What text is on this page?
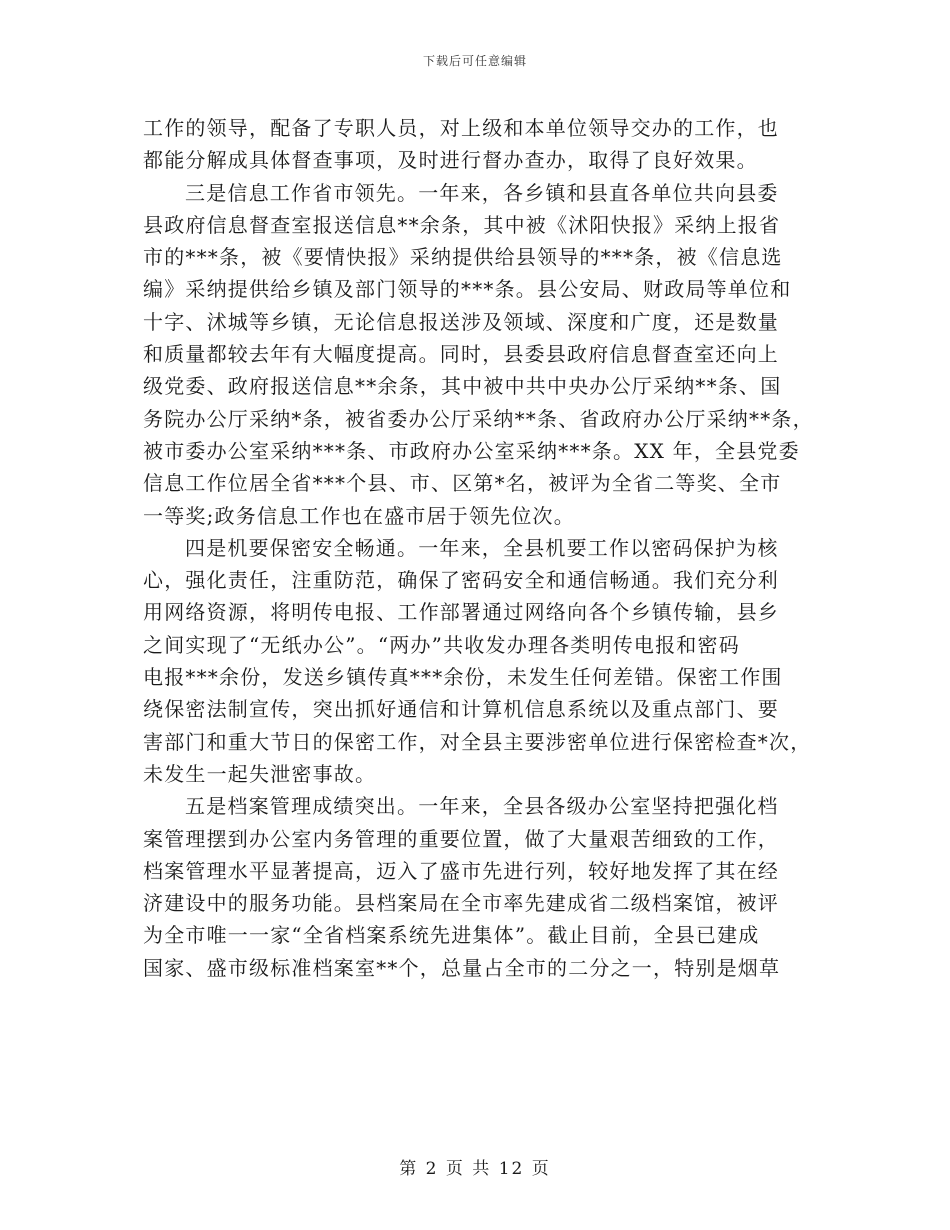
下载后可任意编辑
工作的领导，配备了专职人员，对上级和本单位领导交办的工作，也
都能分解成具体督查事项，及时进行督办查办，取得了良好效果。
三是信息工作省市领先。一年来，各乡镇和县直各单位共向县委
县政府信息督查室报送信息**余条，其中被《沭阳快报》采纳上报省
市的***条，被《要情快报》采纳提供给县领导的***条，被《信息选
编》采纳提供给乡镇及部门领导的***条。县公安局、财政局等单位和
十字、沭城等乡镇，无论信息报送涉及领域、深度和广度，还是数量
和质量都较去年有大幅度提高。同时，县委县政府信息督查室还向上
级党委、政府报送信息**余条，其中被中共中央办公厅采纳**条、国
务院办公厅采纳*条，被省委办公厅采纳**条、省政府办公厅采纳**条，
被市委办公室采纳***条、市政府办公室采纳***条。XX 年，全县党委
信息工作位居全省***个县、市、区第*名，被评为全省二等奖、全市
一等奖;政务信息工作也在盛市居于领先位次。
四是机要保密安全畅通。一年来，全县机要工作以密码保护为核
心，强化责任，注重防范，确保了密码安全和通信畅通。我们充分利
用网络资源，将明传电报、工作部署通过网络向各个乡镇传输，县乡
之间实现了“无纸办公”。“两办”共收发办理各类明传电报和密码
电报***余份，发送乡镇传真***余份，未发生任何差错。保密工作围
绕保密法制宣传，突出抓好通信和计算机信息系统以及重点部门、要
害部门和重大节日的保密工作，对全县主要涉密单位进行保密检查*次，
未发生一起失泄密事故。
五是档案管理成绩突出。一年来，全县各级办公室坚持把强化档
案管理摆到办公室内务管理的重要位置，做了大量艰苦细致的工作，
档案管理水平显著提高，迈入了盛市先进行列，较好地发挥了其在经
济建设中的服务功能。县档案局在全市率先建成省二级档案馆，被评
为全市唯一一家“全省档案系统先进集体”。截止目前，全县已建成
国家、盛市级标准档案室**个，总量占全市的二分之一，特别是烟草
第 2 页 共 12 页
